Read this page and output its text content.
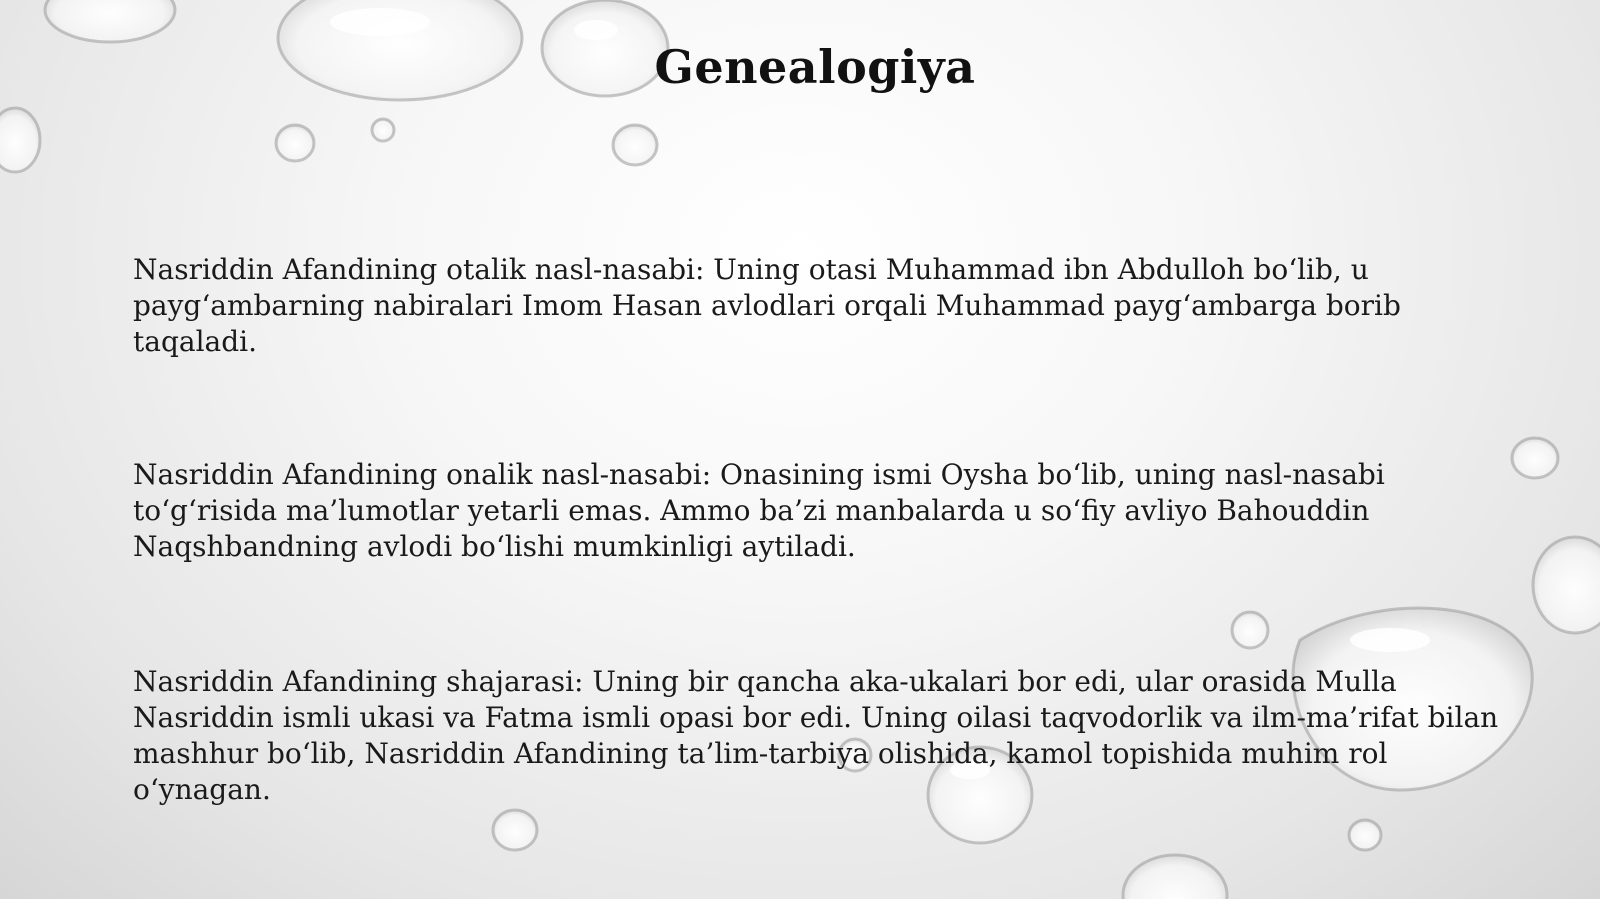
Genealogiya

Nasriddin Afandining otalik nasl-nasabi: Uning otasi Muhammad ibn Abdulloh bo‘lib, u payg‘ambarning nabiralari Imom Hasan avlodlari orqali Muhammad payg‘ambarga borib taqaladi.

Nasriddin Afandining onalik nasl-nasabi: Onasining ismi Oysha bo‘lib, uning nasl-nasabi to‘g‘risida ma’lumotlar yetarli emas. Ammo ba’zi manbalarda u so‘fiy avliyo Bahouddin Naqshbandning avlodi bo‘lishi mumkinligi aytiladi.

Nasriddin Afandining shajarasi: Uning bir qancha aka-ukalari bor edi, ular orasida Mulla Nasriddin ismli ukasi va Fatma ismli opasi bor edi. Uning oilasi taqvodorlik va ilm-ma’rifat bilan mashhur bo‘lib, Nasriddin Afandining ta’lim-tarbiya olishida, kamol topishida muhim rol o‘ynagan.
